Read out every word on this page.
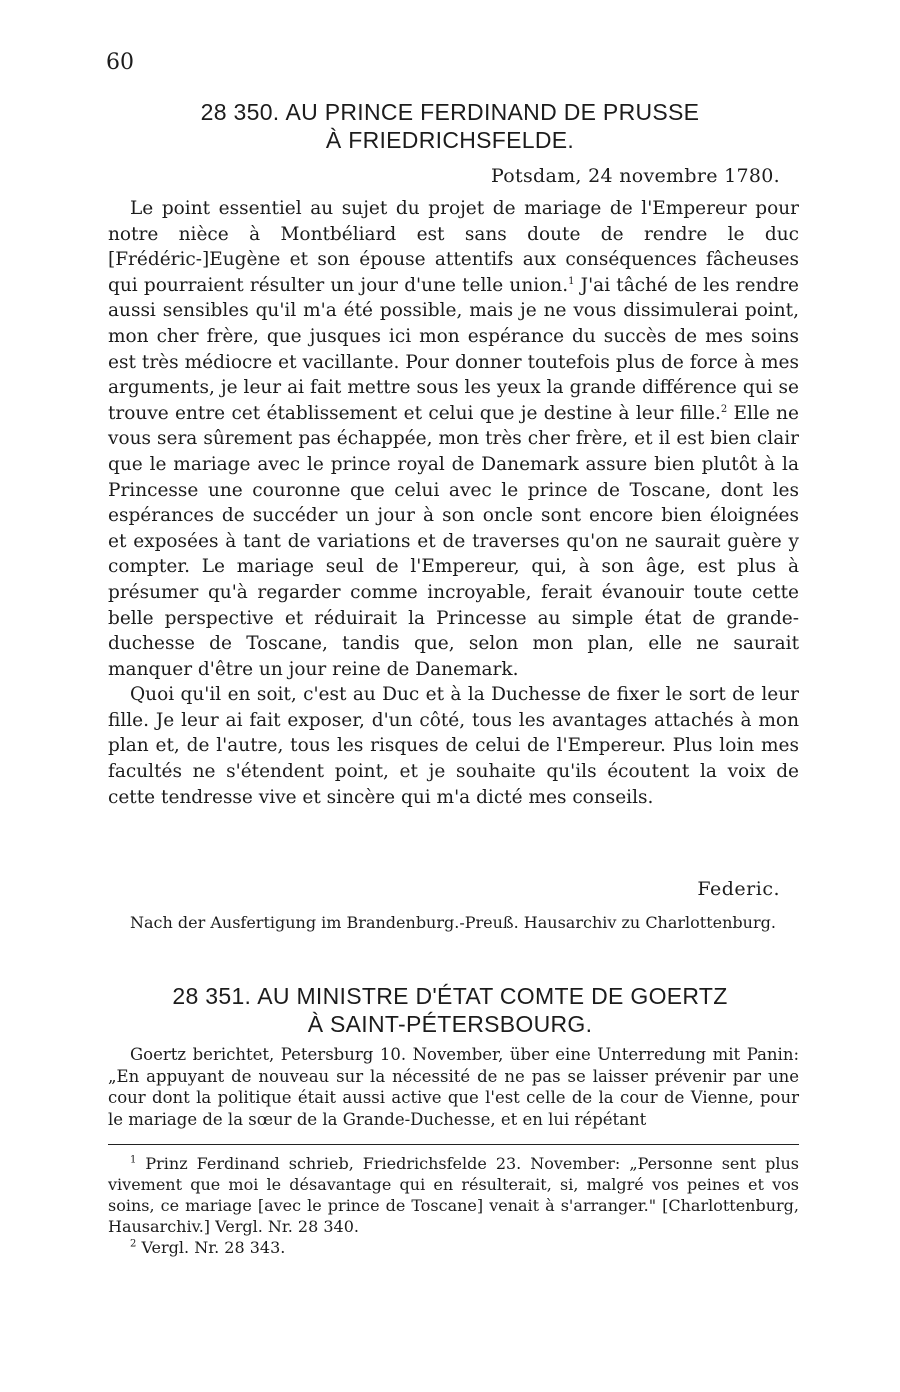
60

28 350. AU PRINCE FERDINAND DE PRUSSE
À FRIEDRICHSFELDE.

Potsdam, 24 novembre 1780.

Le point essentiel au sujet du projet de mariage de l'Empereur pour notre nièce à Montbéliard est sans doute de rendre le duc [Frédéric-]Eugène et son épouse attentifs aux conséquences fâcheuses qui pourraient résulter un jour d'une telle union.$^1$ J'ai tâché de les rendre aussi sensibles qu'il m'a été possible, mais je ne vous dissimulerai point, mon cher frère, que jusques ici mon espérance du succès de mes soins est très médiocre et vacillante. Pour donner toutefois plus de force à mes arguments, je leur ai fait mettre sous les yeux la grande différence qui se trouve entre cet établissement et celui que je destine à leur fille.$^2$ Elle ne vous sera sûrement pas échappée, mon très cher frère, et il est bien clair que le mariage avec le prince royal de Danemark assure bien plutôt à la Princesse une couronne que celui avec le prince de Toscane, dont les espérances de succéder un jour à son oncle sont encore bien éloignées et exposées à tant de variations et de traverses qu'on ne saurait guère y compter. Le mariage seul de l'Empereur, qui, à son âge, est plus à présumer qu'à regarder comme incroyable, ferait évanouir toute cette belle perspective et réduirait la Princesse au simple état de grande-duchesse de Toscane, tandis que, selon mon plan, elle ne saurait manquer d'être un jour reine de Danemark.

Quoi qu'il en soit, c'est au Duc et à la Duchesse de fixer le sort de leur fille. Je leur ai fait exposer, d'un côté, tous les avantages attachés à mon plan et, de l'autre, tous les risques de celui de l'Empereur. Plus loin mes facultés ne s'étendent point, et je souhaite qu'ils écoutent la voix de cette tendresse vive et sincère qui m'a dicté mes conseils.

Federic.

Nach der Ausfertigung im Brandenburg.-Preuß. Hausarchiv zu Charlottenburg.

28 351. AU MINISTRE D'ÉTAT COMTE DE GOERTZ
À SAINT-PÉTERSBOURG.

Goertz berichtet, Petersburg 10. November, über eine Unterredung mit Panin: „En appuyant de nouveau sur la nécessité de ne pas se laisser prévenir par une cour dont la politique était aussi active que l'est celle de la cour de Vienne, pour le mariage de la sœur de la Grande-Duchesse, et en lui répétant

$^1$ Prinz Ferdinand schrieb, Friedrichsfelde 23. November: „Personne sent plus vivement que moi le désavantage qui en résulterait, si, malgré vos peines et vos soins, ce mariage [avec le prince de Toscane] venait à s'arranger." [Charlottenburg, Hausarchiv.] Vergl. Nr. 28 340.

$^2$ Vergl. Nr. 28 343.
